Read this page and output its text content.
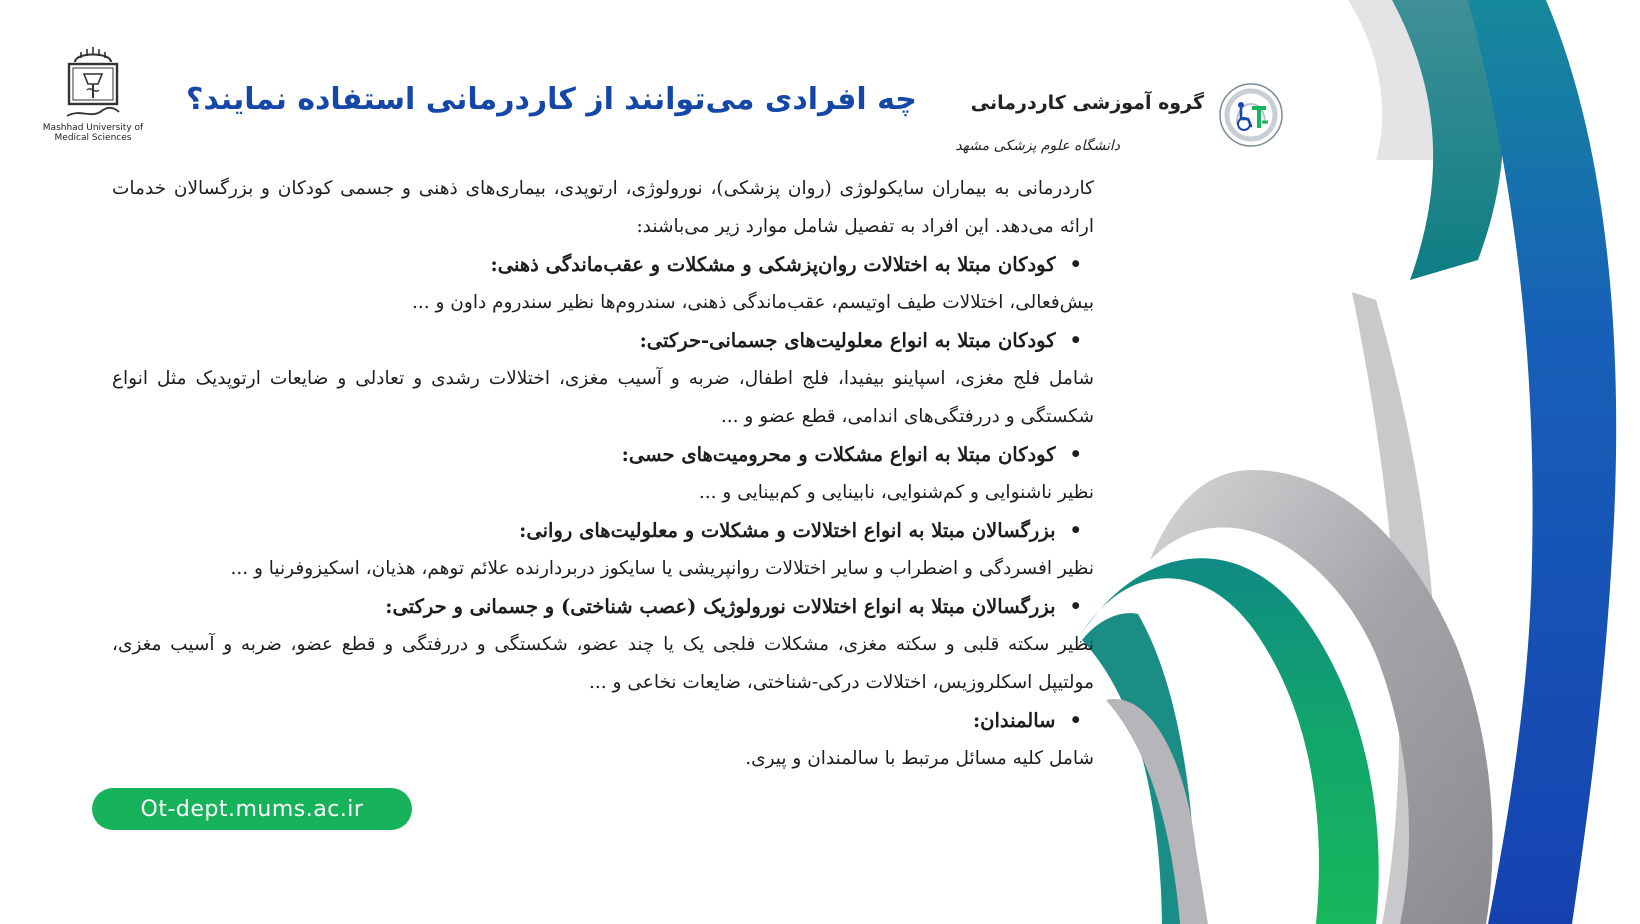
Mashhad University of
Medical Sciences
چه افرادی می‌توانند از کاردرمانی استفاده نمایند؟	گروه آموزشی کاردرمانی
دانشگاه علوم پزشکی مشهد

کاردرمانی به بیماران سایکولوژی (روان پزشکی)، نورولوژی، ارتوپدی، بیماری‌های ذهنی و جسمی کودکان و بزرگسالان خدمات ارائه می‌دهد. این افراد به تفصیل شامل موارد زیر می‌باشند:

•کودکان مبتلا به اختلالات روان‌پزشکی و مشکلات و عقب‌ماندگی ذهنی:

بیش‌فعالی، اختلالات طیف اوتیسم، عقب‌ماندگی ذهنی، سندروم‌ها نظیر سندروم داون و ...

•کودکان مبتلا به انواع معلولیت‌های جسمانی-حرکتی:

شامل فلج مغزی، اسپاینو بیفیدا، فلج اطفال، ضربه و آسیب مغزی، اختلالات رشدی و تعادلی و ضایعات ارتوپدیک مثل انواع شکستگی و دررفتگی‌های اندامی، قطع عضو و ...

•کودکان مبتلا به انواع مشکلات و محرومیت‌های حسی:

نظیر ناشنوایی و کم‌شنوایی، نابینایی و کم‌بینایی و ...

•بزرگسالان مبتلا به انواع اختلالات و مشکلات و معلولیت‌های روانی:

نظیر افسردگی و اضطراب و سایر اختلالات روانپریشی یا سایکوز دربردارنده علائم توهم، هذیان، اسکیزوفرنیا و ...

•بزرگسالان مبتلا به انواع اختلالات نورولوژیک (عصب شناختی) و جسمانی و حرکتی:

نظیر سکته قلبی و سکته مغزی، مشکلات فلجی یک یا چند عضو، شکستگی و دررفتگی و قطع عضو، ضربه و آسیب مغزی، مولتیپل اسکلروزیس، اختلالات درکی-شناختی، ضایعات نخاعی و ...

•سالمندان:

شامل کلیه مسائل مرتبط با سالمندان و پیری.

Ot-dept.mums.ac.ir
